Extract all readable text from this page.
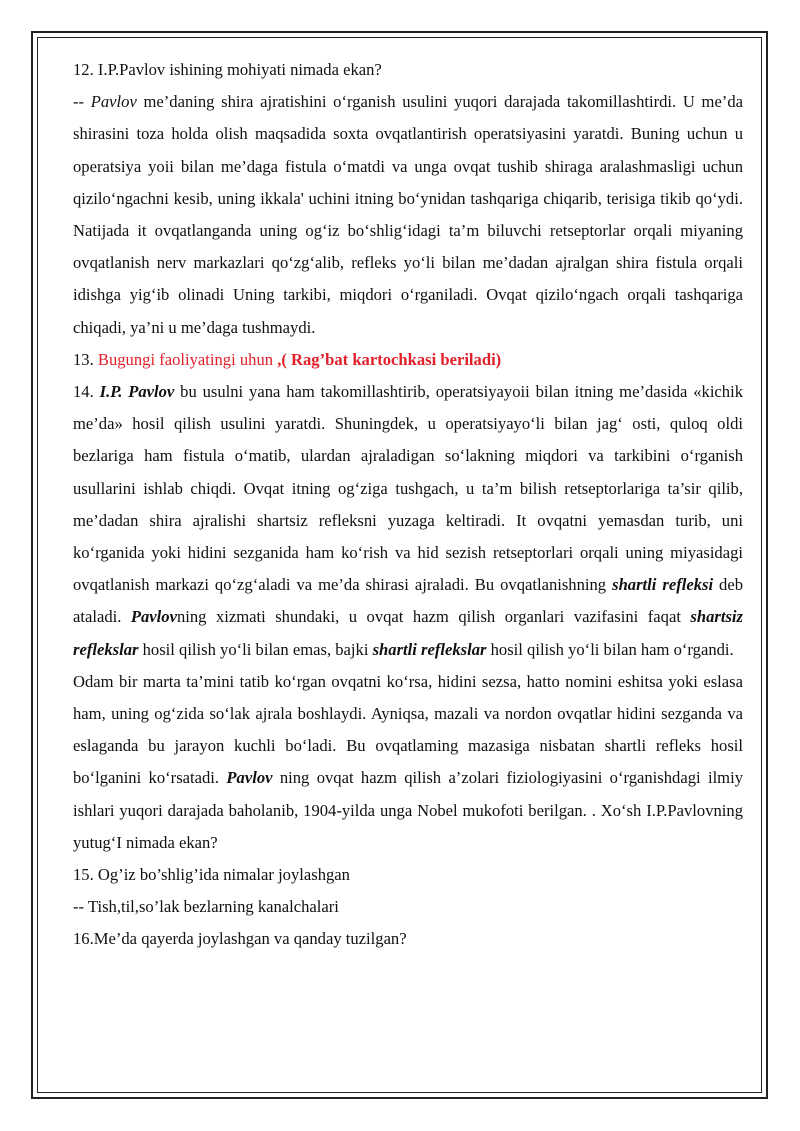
12. I.P.Pavlov ishining mohiyati nimada ekan?

-- Pavlov me’daning shira ajratishini o‘rganish usulini yuqori darajada takomillashtirdi. U me’da shirasini toza holda olish maqsadida soxta ovqatlantirish operatsiyasini yaratdi. Buning uchun u operatsiya yoii bilan me’daga fistula o‘matdi va unga ovqat tushib shiraga aralashmasligi uchun qizilo‘ngachni kesib, uning ikkala' uchini itning bo‘ynidan tashqariga chiqarib, terisiga tikib qo‘ydi. Natijada it ovqatlanganda uning og‘iz bo‘shlig‘idagi ta’m biluvchi retseptorlar orqali miyaning ovqatlanish nerv markazlari qo‘zg‘alib, refleks yo‘li bilan me’dadan ajralgan shira fistula orqali idishga yig‘ib olinadi Uning tarkibi, miqdori o‘rganiladi. Ovqat qizilo‘ngach orqali tashqariga chiqadi, ya’ni u me’daga tushmaydi.

13. Bugungi faoliyatingi uhun ,( Rag’bat kartochkasi beriladi)

14. I.P. Pavlov bu usulni yana ham takomillashtirib, operatsiyayoii bilan itning me’dasida «kichik me’da» hosil qilish usulini yaratdi. Shuningdek, u operatsiyayo‘li bilan jag‘ osti, quloq oldi bezlariga ham fistula o‘matib, ulardan ajraladigan so‘lakning miqdori va tarkibini o‘rganish usullarini ishlab chiqdi. Ovqat itning og‘ziga tushgach, u ta’m bilish retseptorlariga ta’sir qilib, me’dadan shira ajralishi shartsiz refleksni yuzaga keltiradi. It ovqatni yemasdan turib, uni ko‘rganida yoki hidini sezganida ham ko‘rish va hid sezish retseptorlari orqali uning miyasidagi ovqatlanish markazi qo‘zg‘aladi va me’da shirasi ajraladi. Bu ovqatlanishning shartli refleksi deb ataladi. Pavlovning xizmati shundaki, u ovqat hazm qilish organlari vazifasini faqat shartsiz reflekslar hosil qilish yo‘li bilan emas, bajki shartli reflekslar hosil qilish yo‘li bilan ham o‘rgandi.

Odam bir marta ta’mini tatib ko‘rgan ovqatni ko‘rsa, hidini sezsa, hatto nomini eshitsa yoki eslasa ham, uning og‘zida so‘lak ajrala boshlaydi. Ayniqsa, mazali va nordon ovqatlar hidini sezganda va eslaganda bu jarayon kuchli bo‘ladi. Bu ovqatlaming mazasiga nisbatan shartli refleks hosil bo‘lganini ko‘rsatadi. Pavlov ning ovqat hazm qilish a’zolari fiziologiyasini o‘rganishdagi ilmiy ishlari yuqori darajada baholanib, 1904-yilda unga Nobel mukofoti berilgan. . Xo‘sh I.P.Pavlovning yutug‘I nimada ekan?

15. Og’iz bo’shlig’ida nimalar joylashgan

-- Tish,til,so’lak bezlarning kanalchalari

16.Me’da qayerda joylashgan va qanday tuzilgan?
